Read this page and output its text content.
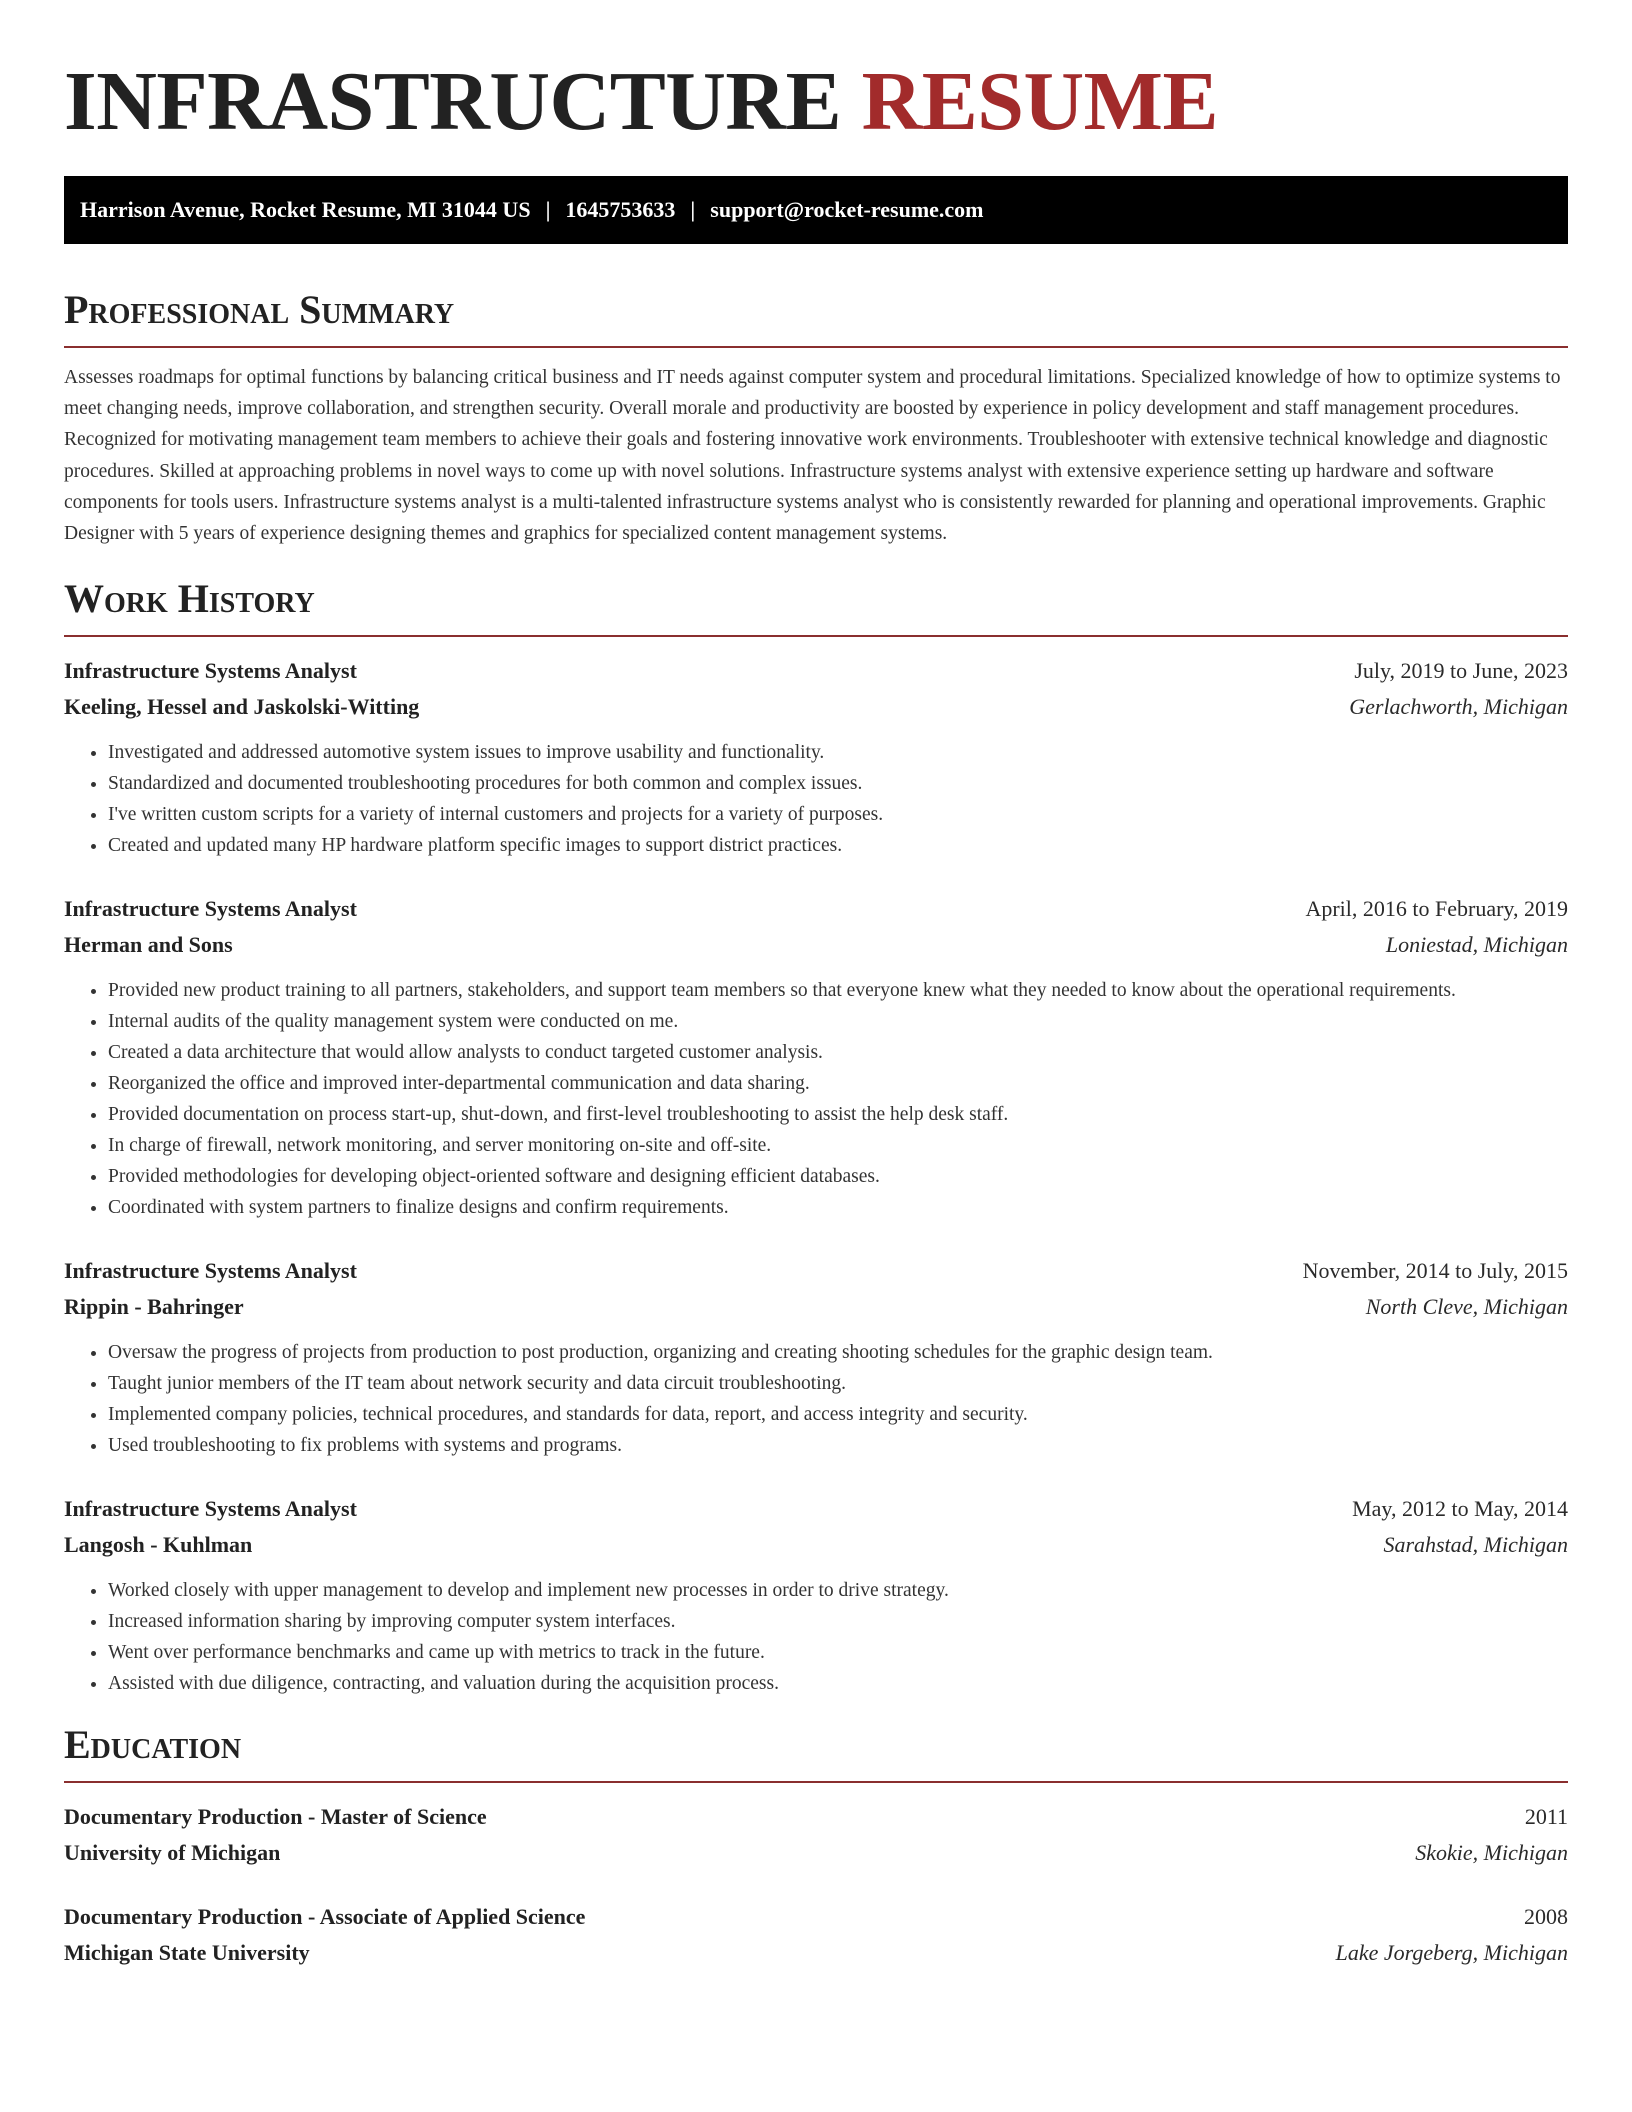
INFRASTRUCTURE RESUME
Harrison Avenue, Rocket Resume, MI 31044 US | 1645753633 | support@rocket-resume.com
Professional Summary

Assesses roadmaps for optimal functions by balancing critical business and IT needs against computer system and procedural limitations. Specialized knowledge of how to optimize systems to meet changing needs, improve collaboration, and strengthen security. Overall morale and productivity are boosted by experience in policy development and staff management procedures. Recognized for motivating management team members to achieve their goals and fostering innovative work environments. Troubleshooter with extensive technical knowledge and diagnostic procedures. Skilled at approaching problems in novel ways to come up with novel solutions. Infrastructure systems analyst with extensive experience setting up hardware and software components for tools users. Infrastructure systems analyst is a multi-talented infrastructure systems analyst who is consistently rewarded for planning and operational improvements. Graphic Designer with 5 years of experience designing themes and graphics for specialized content management systems.

Work History
Infrastructure Systems Analyst	July, 2019 to June, 2023
Keeling, Hessel and Jaskolski-Witting	Gerlachworth, Michigan
• Investigated and addressed automotive system issues to improve usability and functionality.
• Standardized and documented troubleshooting procedures for both common and complex issues.
• I've written custom scripts for a variety of internal customers and projects for a variety of purposes.
• Created and updated many HP hardware platform specific images to support district practices.
Infrastructure Systems Analyst	April, 2016 to February, 2019
Herman and Sons	Loniestad, Michigan
• Provided new product training to all partners, stakeholders, and support team members so that everyone knew what they needed to know about the operational requirements.
• Internal audits of the quality management system were conducted on me.
• Created a data architecture that would allow analysts to conduct targeted customer analysis.
• Reorganized the office and improved inter-departmental communication and data sharing.
• Provided documentation on process start-up, shut-down, and first-level troubleshooting to assist the help desk staff.
• In charge of firewall, network monitoring, and server monitoring on-site and off-site.
• Provided methodologies for developing object-oriented software and designing efficient databases.
• Coordinated with system partners to finalize designs and confirm requirements.
Infrastructure Systems Analyst	November, 2014 to July, 2015
Rippin - Bahringer	North Cleve, Michigan
• Oversaw the progress of projects from production to post production, organizing and creating shooting schedules for the graphic design team.
• Taught junior members of the IT team about network security and data circuit troubleshooting.
• Implemented company policies, technical procedures, and standards for data, report, and access integrity and security.
• Used troubleshooting to fix problems with systems and programs.
Infrastructure Systems Analyst	May, 2012 to May, 2014
Langosh - Kuhlman	Sarahstad, Michigan
• Worked closely with upper management to develop and implement new processes in order to drive strategy.
• Increased information sharing by improving computer system interfaces.
• Went over performance benchmarks and came up with metrics to track in the future.
• Assisted with due diligence, contracting, and valuation during the acquisition process.
Education
Documentary Production - Master of Science	2011
University of Michigan	Skokie, Michigan
Documentary Production - Associate of Applied Science	2008
Michigan State University	Lake Jorgeberg, Michigan
